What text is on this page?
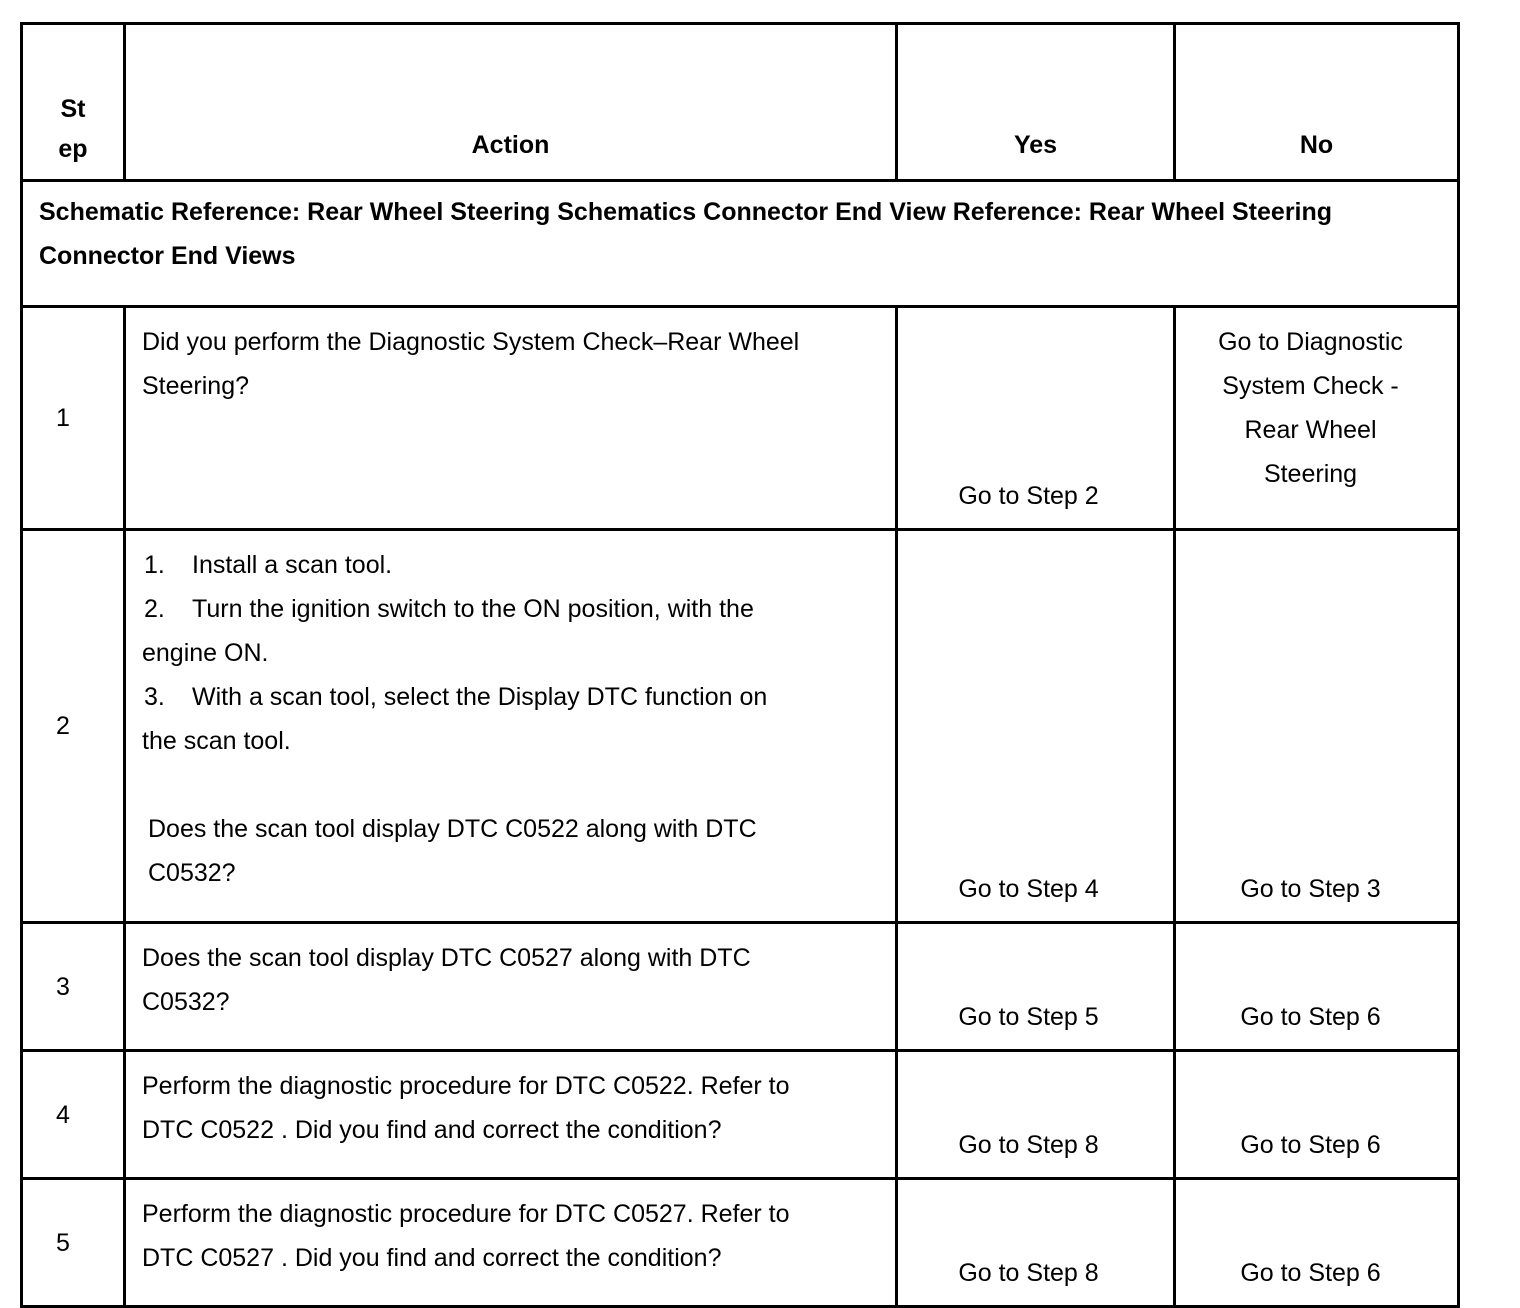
St
ep	Action	Yes	No
Schematic Reference: Rear Wheel Steering Schematics Connector End View Reference: Rear Wheel Steering Connector End Views			
1	Did you perform the Diagnostic System Check–Rear Wheel Steering?	Go to Step 2	Go to Diagnostic System Check - Rear Wheel Steering

2	1. Install a scan tool.
2. Turn the ignition switch to the ON position, with the engine ON.
3. With a scan tool, select the Display DTC function on the scan tool.
Does the scan tool display DTC C0522 along with DTC C0532?	Go to Step 4	Go to Step 3
3	Does the scan tool display DTC C0527 along with DTC C0532?	Go to Step 5	Go to Step 6
4	Perform the diagnostic procedure for DTC C0522. Refer to DTC C0522 . Did you find and correct the condition?	Go to Step 8	Go to Step 6
5	Perform the diagnostic procedure for DTC C0527. Refer to DTC C0527 . Did you find and correct the condition?	Go to Step 8	Go to Step 6
